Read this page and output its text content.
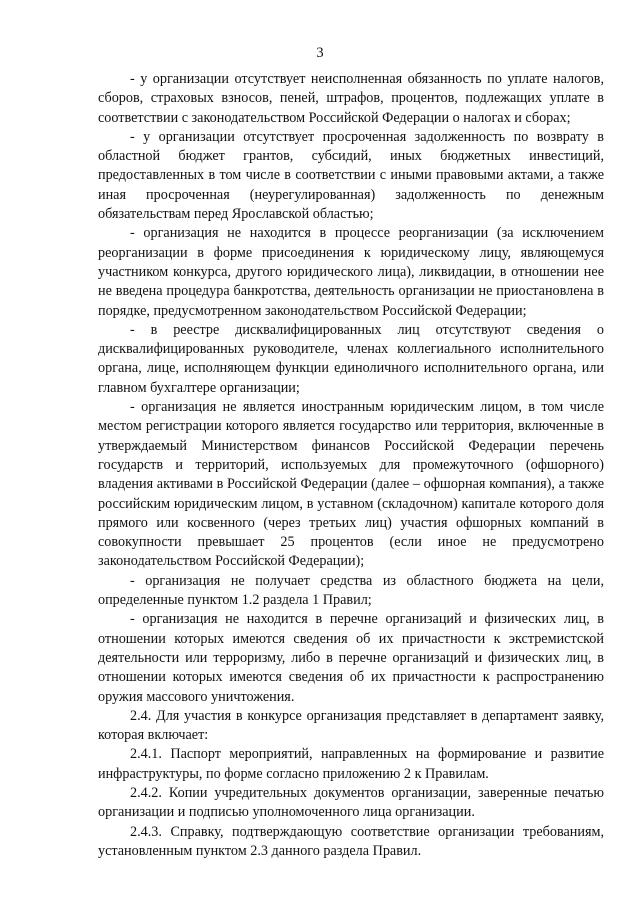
3

- у организации отсутствует неисполненная обязанность по уплате налогов, сборов, страховых взносов, пеней, штрафов, процентов, подлежащих уплате в соответствии с законодательством Российской Федерации о налогах и сборах;

- у организации отсутствует просроченная задолженность по возврату в областной бюджет грантов, субсидий, иных бюджетных инвестиций, предоставленных в том числе в соответствии с иными правовыми актами, а также иная просроченная (неурегулированная) задолженность по денежным обязательствам перед Ярославской областью;

- организация не находится в процессе реорганизации (за исключением реорганизации в форме присоединения к юридическому лицу, являющемуся участником конкурса, другого юридического лица), ликвидации, в отношении нее не введена процедура банкротства, деятельность организации не приостановлена в порядке, предусмотренном законодательством Российской Федерации;

- в реестре дисквалифицированных лиц отсутствуют сведения о дисквалифицированных руководителе, членах коллегиального исполнительного органа, лице, исполняющем функции единоличного исполнительного органа, или главном бухгалтере организации;

- организация не является иностранным юридическим лицом, в том числе местом регистрации которого является государство или территория, включенные в утверждаемый Министерством финансов Российской Федерации перечень государств и территорий, используемых для промежуточного (офшорного) владения активами в Российской Федерации (далее – офшорная компания), а также российским юридическим лицом, в уставном (складочном) капитале которого доля прямого или косвенного (через третьих лиц) участия офшорных компаний в совокупности превышает 25 процентов (если иное не предусмотрено законодательством Российской Федерации);

- организация не получает средства из областного бюджета на цели, определенные пунктом 1.2 раздела 1 Правил;

- организация не находится в перечне организаций и физических лиц, в отношении которых имеются сведения об их причастности к экстремистской деятельности или терроризму, либо в перечне организаций и физических лиц, в отношении которых имеются сведения об их причастности к распространению оружия массового уничтожения.

2.4. Для участия в конкурсе организация представляет в департамент заявку, которая включает:

2.4.1. Паспорт мероприятий, направленных на формирование и развитие инфраструктуры, по форме согласно приложению 2 к Правилам.

2.4.2. Копии учредительных документов организации, заверенные печатью организации и подписью уполномоченного лица организации.

2.4.3. Справку, подтверждающую соответствие организации требованиям, установленным пунктом 2.3 данного раздела Правил.
